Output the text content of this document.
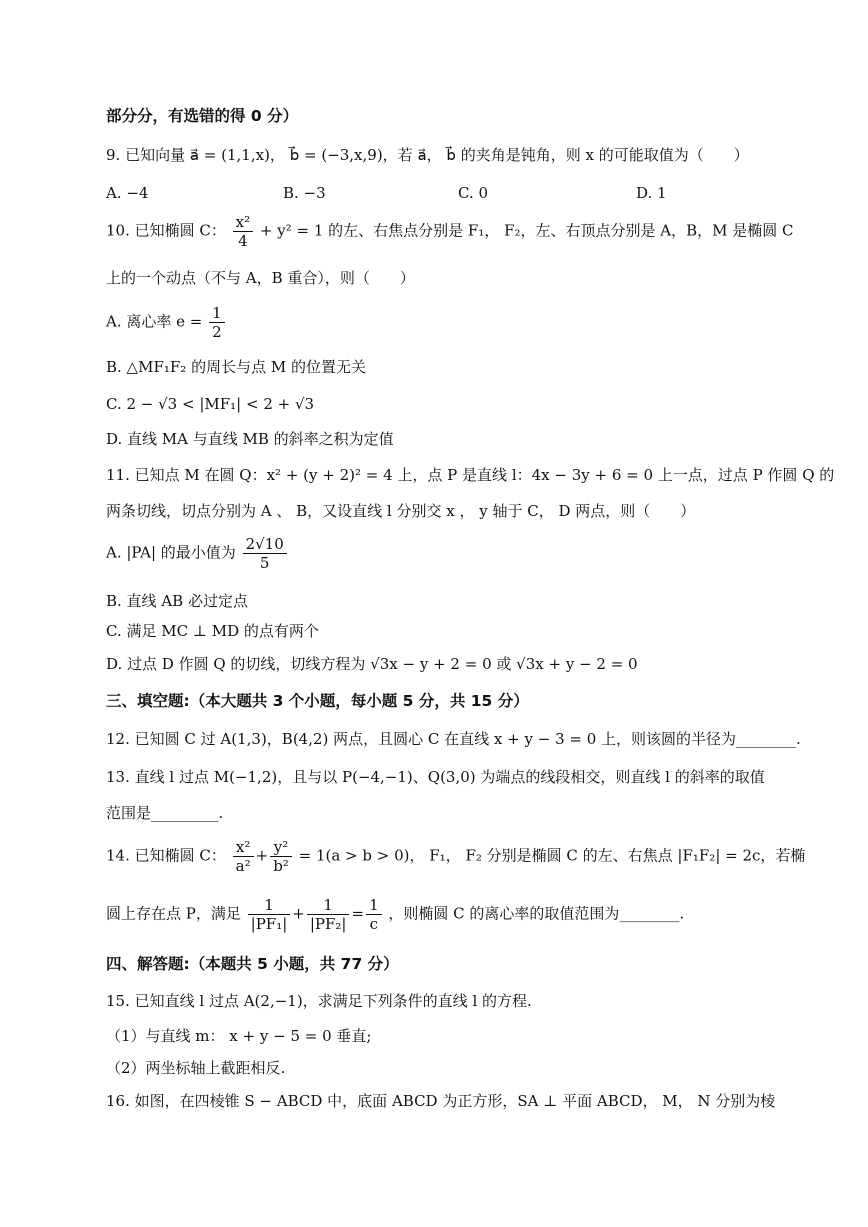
部分分，有选错的得 0 分）
9. 已知向量 a⃗ = (1,1,x)， b⃗ = (−3,x,9)，若 a⃗， b⃗ 的夹角是钝角，则 x 的可能取值为（　　）
A. −4	B. −3	C. 0	D. 1
10. 已知椭圆 C： $\frac{\text{x²}}{4} + y^2 = 1$ 的左、右焦点分别是 F₁， F₂，左、右顶点分别是 A，B，M 是椭圆 C
上的一个动点（不与 A，B 重合），则（　　）
A. 离心率 $e = \frac{1}{2}$
B. △MF₁F₂ 的周长与点 M 的位置无关
C. 2 − √3 < |MF₁| < 2 + √3
D. 直线 MA 与直线 MB 的斜率之积为定值
11. 已知点 M 在圆 Q：x² + (y + 2)² = 4 上，点 P 是直线 l：4x − 3y + 6 = 0 上一点，过点 P 作圆 Q 的
两条切线，切点分别为 A 、 B，又设直线 l 分别交 x ， y 轴于 C， D 两点，则（　　）
A. |PA| 的最小值为 $\frac{2√10}{5}$
B. 直线 AB 必过定点
C. 满足 MC ⊥ MD 的点有两个
D. 过点 D 作圆 Q 的切线，切线方程为 √3x − y + 2 = 0 或 √3x + y − 2 = 0
三、填空题:（本大题共 3 个小题，每小题 5 分，共 15 分）
12. 已知圆 C 过 A(1,3)，B(4,2) 两点，且圆心 C 在直线 x + y − 3 = 0 上，则该圆的半径为________.
13. 直线 l 过点 M(−1,2)，且与以 P(−4,−1)、Q(3,0) 为端点的线段相交，则直线 l 的斜率的取值
范围是_________.
14. 已知椭圆 C： $\frac{\text{x²}}{\text{a²}} + \frac{\text{y²}}{\text{b²}} = 1(a > b > 0)$， F₁， F₂ 分别是椭圆 C 的左、右焦点 |F₁F₂| = 2c，若椭
圆上存在点 P，满足 $\frac{1}{\text{|PF₁|}} + \frac{1}{\text{|PF₂|}} = \frac{1}{c}$ ，则椭圆 C 的离心率的取值范围为________.
四、解答题:（本题共 5 小题，共 77 分）
15. 已知直线 l 过点 A(2,−1)，求满足下列条件的直线 l 的方程.
（1）与直线 m： x + y − 5 = 0 垂直;
（2）两坐标轴上截距相反.
16. 如图，在四棱锥 S − ABCD 中，底面 ABCD 为正方形，SA ⊥ 平面 ABCD， M， N 分别为棱
